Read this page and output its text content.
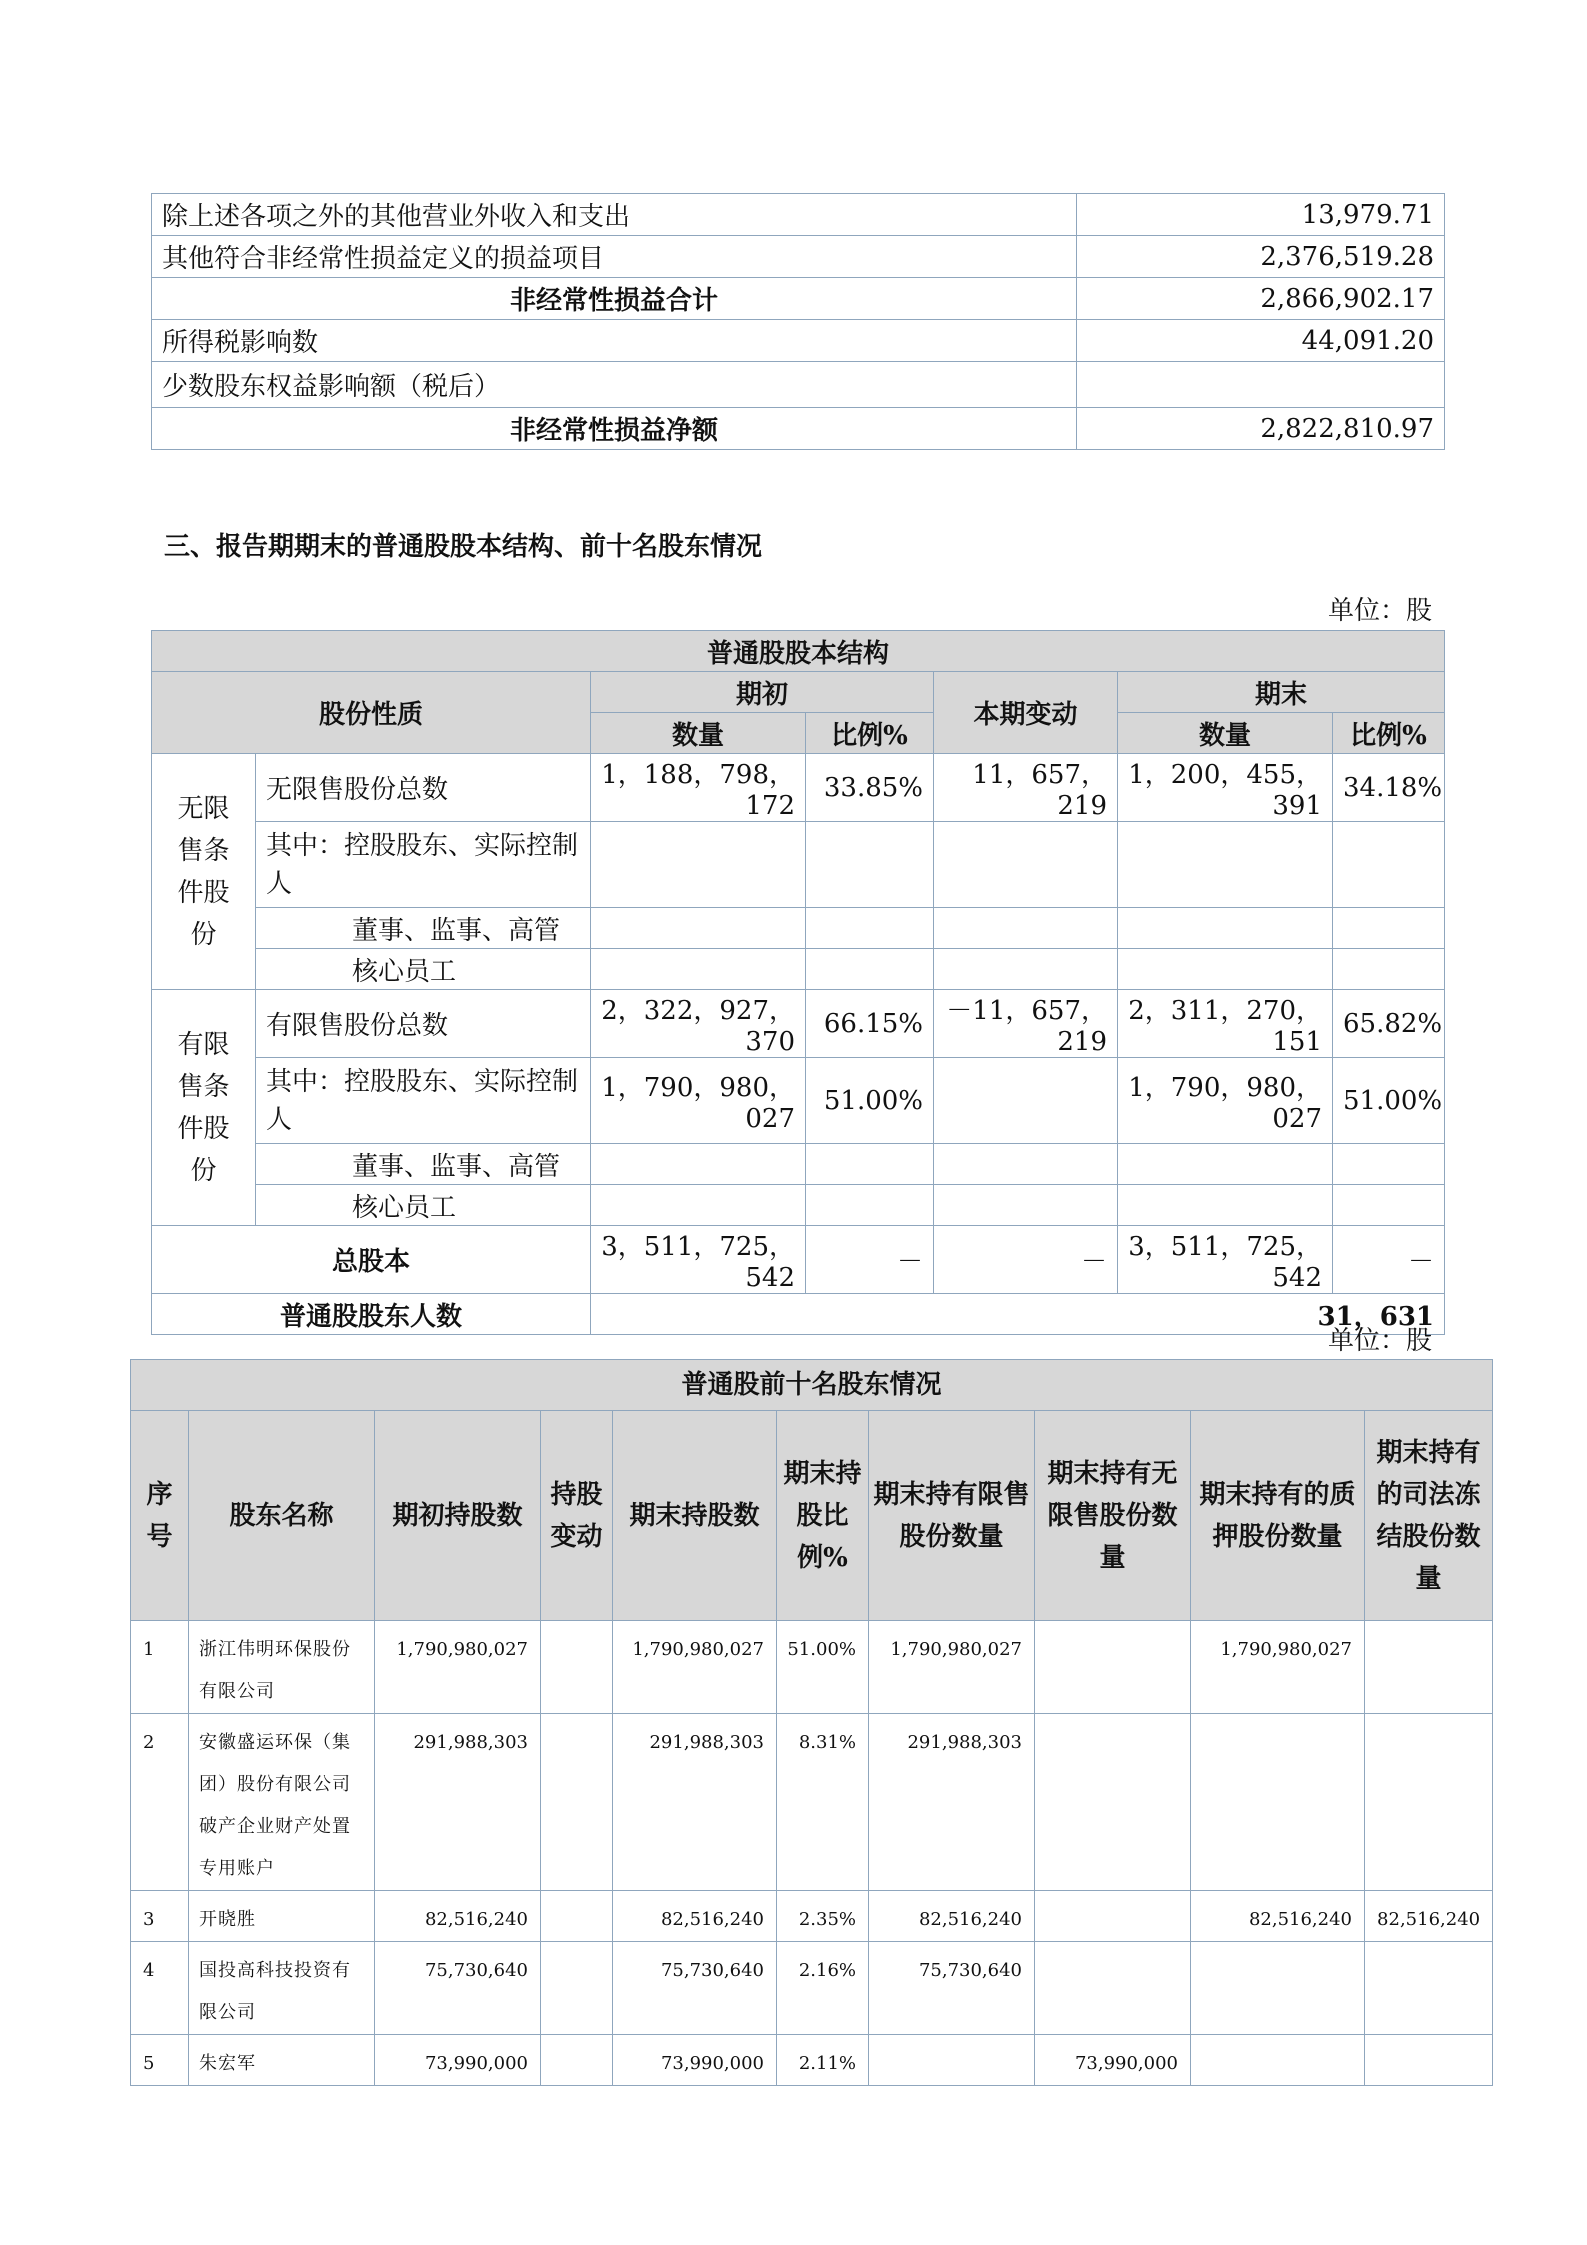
除上述各项之外的其他营业外收入和支出	13,979.71
其他符合非经常性损益定义的损益项目	2,376,519.28
非经常性损益合计	2,866,902.17
所得税影响数	44,091.20
少数股东权益影响额（税后）	
非经常性损益净额	2,822,810.97
三、报告期期末的普通股股本结构、前十名股东情况
单位：股
普通股股本结构						
股份性质		期初		本期变动	期末	
		数量	比例%		数量	比例%

无限
售条
件股
份	无限售股份总数	1，188，798，172	33.85%	11，657，219	1，200，455，391	34.18%
	其中：控股股东、实际控制人					
	董事、监事、高管					
	核心员工					

有限
售条
件股
份	有限售股份总数	2，322，927，370	66.15%	－11，657，219	2，311，270，151	65.82%
	其中：控股股东、实际控制人	1，790，980，027	51.00%		1，790，980，027	51.00%
	董事、监事、高管					
	核心员工					
总股本		3，511，725，542	－	－	3，511，725，542	－
普通股股东人数		31，631				
单位：股
普通股前十名股东情况									
序号	股东名称	期初持股数	持股变动	期末持股数	期末持股比例%	期末持有限售股份数量	期末持有无限售股份数量	期末持有的质押股份数量	期末持有的司法冻结股份数量
1	浙江伟明环保股份有限公司	1,790,980,027		1,790,980,027	51.00%	1,790,980,027		1,790,980,027	
2	安徽盛运环保（集团）股份有限公司破产企业财产处置专用账户	291,988,303		291,988,303	8.31%	291,988,303			
3	开晓胜	82,516,240		82,516,240	2.35%	82,516,240		82,516,240	82,516,240
4	国投高科技投资有限公司	75,730,640		75,730,640	2.16%	75,730,640			
5	朱宏军	73,990,000		73,990,000	2.11%		73,990,000		
